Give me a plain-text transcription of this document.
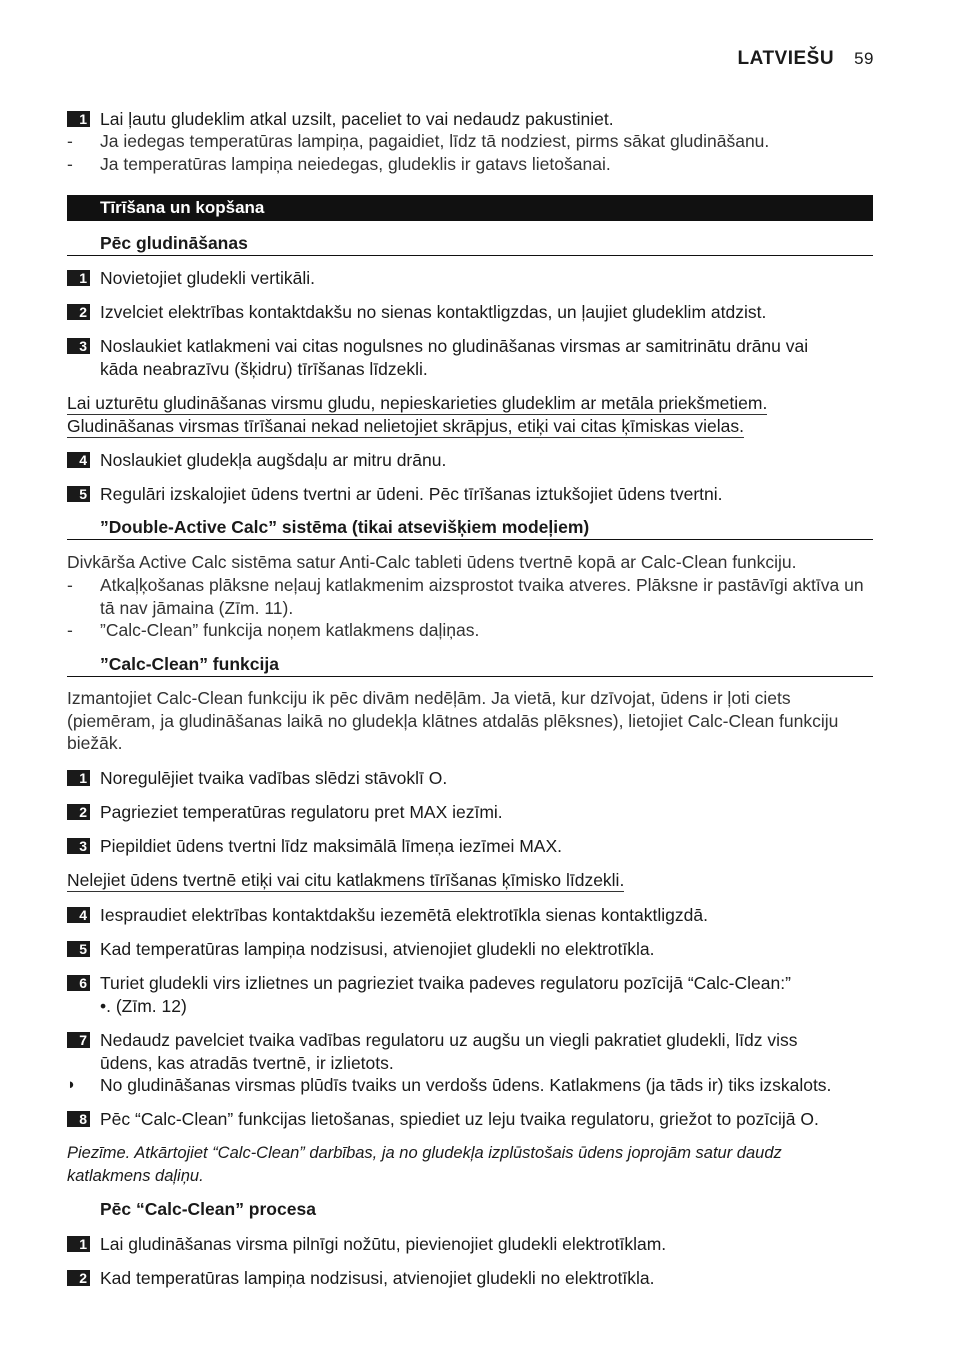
LATVIEŠU 59
1 Lai ļautu gludeklim atkal uzsilt, paceliet to vai nedaudz pakustiniet.
- Ja iedegas temperatūras lampiņa, pagaidiet, līdz tā nodziest, pirms sākat gludināšanu.
- Ja temperatūras lampiņa neiedegas, gludeklis ir gatavs lietošanai.
Tīrīšana un kopšana
Pēc gludināšanas
1 Novietojiet gludekli vertikāli.
2 Izvelciet elektrības kontaktdakšu no sienas kontaktligzdas, un ļaujiet gludeklim atdzist.
3 Noslaukiet katlakmeni vai citas nogulsnes no gludināšanas virsmas ar samitrinātu drānu vai
kāda neabrazīvu (šķidru) tīrīšanas līdzekli.
Lai uzturētu gludināšanas virsmu gludu, nepieskarieties gludeklim ar metāla priekšmetiem.
Gludināšanas virsmas tīrīšanai nekad nelietojiet skrāpjus, etiķi vai citas ķīmiskas vielas.
4 Noslaukiet gludekļa augšdaļu ar mitru drānu.
5 Regulāri izskalojiet ūdens tvertni ar ūdeni. Pēc tīrīšanas iztukšojiet ūdens tvertni.
”Double-Active Calc” sistēma (tikai atsevišķiem modeļiem)
Divkārša Active Calc sistēma satur Anti-Calc tableti ūdens tvertnē kopā ar Calc-Clean funkciju.
- Atkaļķošanas plāksne neļauj katlakmenim aizsprostot tvaika atveres. Plāksne ir pastāvīgi aktīva un
tā nav jāmaina (Zīm. 11).
- ”Calc-Clean” funkcija noņem katlakmens daļiņas.
”Calc-Clean” funkcija
Izmantojiet Calc-Clean funkciju ik pēc divām nedēļām. Ja vietā, kur dzīvojat, ūdens ir ļoti ciets
(piemēram, ja gludināšanas laikā no gludekļa klātnes atdalās plēksnes), lietojiet Calc-Clean funkciju
biežāk.
1 Noregulējiet tvaika vadības slēdzi stāvoklī O.
2 Pagrieziet temperatūras regulatoru pret MAX iezīmi.
3 Piepildiet ūdens tvertni līdz maksimālā līmeņa iezīmei MAX.
Nelejiet ūdens tvertnē etiķi vai citu katlakmens tīrīšanas ķīmisko līdzekli.
4 Iespraudiet elektrības kontaktdakšu iezemētā elektrotīkla sienas kontaktligzdā.
5 Kad temperatūras lampiņa nodzisusi, atvienojiet gludekli no elektrotīkla.
6 Turiet gludekli virs izlietnes un pagrieziet tvaika padeves regulatoru pozīcijā “Calc-Clean:”
•. (Zīm. 12)
7 Nedaudz pavelciet tvaika vadības regulatoru uz augšu un viegli pakratiet gludekli, līdz viss
ūdens, kas atradās tvertnē, ir izlietots.
◗ No gludināšanas virsmas plūdīs tvaiks un verdošs ūdens. Katlakmens (ja tāds ir) tiks izskalots.
8 Pēc “Calc-Clean” funkcijas lietošanas, spiediet uz leju tvaika regulatoru, griežot to pozīcijā O.
Piezīme. Atkārtojiet “Calc-Clean” darbības, ja no gludekļa izplūstošais ūdens joprojām satur daudz
katlakmens daļiņu.
Pēc “Calc-Clean” procesa
1 Lai gludināšanas virsma pilnīgi nožūtu, pievienojiet gludekli elektrotīklam.
2 Kad temperatūras lampiņa nodzisusi, atvienojiet gludekli no elektrotīkla.
